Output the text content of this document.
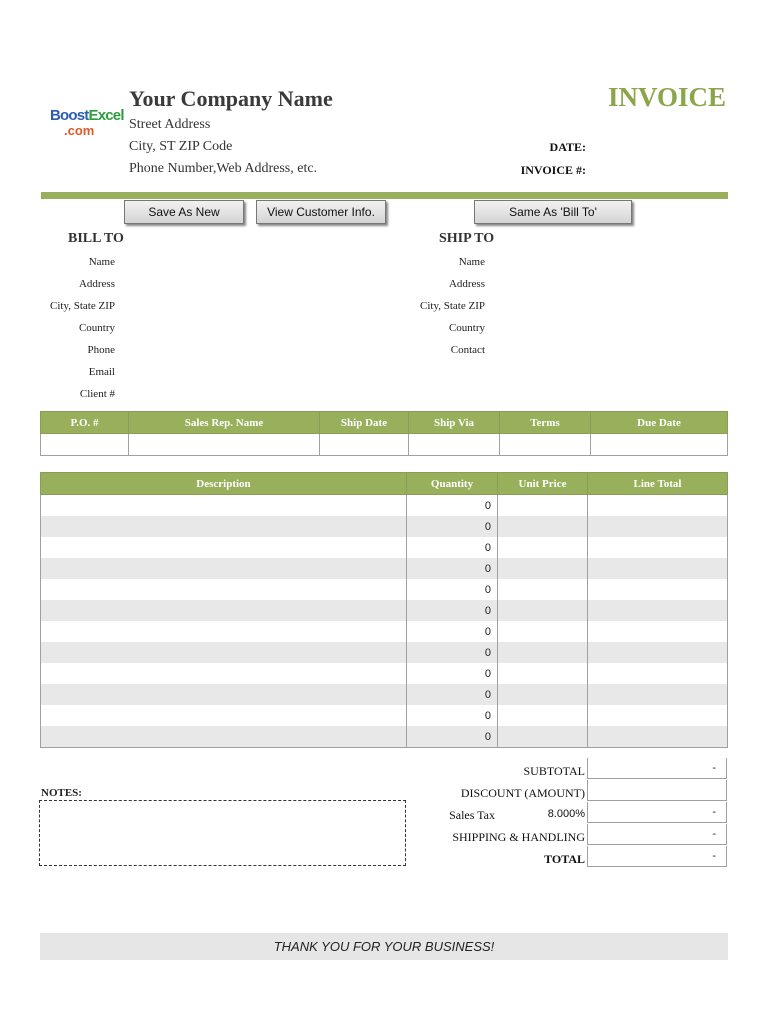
BoostExcel
.com
Your Company Name
Street Address
City, ST ZIP Code
Phone Number,Web Address, etc.
INVOICE
DATE:
INVOICE #:
Save As New	View Customer Info.	Same As 'Bill To'
BILL TO
Name
Address
City, State ZIP
Country
Phone
Email
Client #
SHIP TO
Name
Address
City, State ZIP
Country
Contact
P.O. #	Sales Rep. Name	Ship Date	Ship Via	Terms	Due Date

Description	Quantity	Unit Price	Line Total
	0		
	0		
	0		
	0		
	0		
	0		
	0		
	0		
	0		
	0		
	0		
	0		
SUBTOTAL	-
DISCOUNT (AMOUNT)
Sales Tax	8.000%	-
SHIPPING & HANDLING	-
TOTAL	-
NOTES:
THANK YOU FOR YOUR BUSINESS!
